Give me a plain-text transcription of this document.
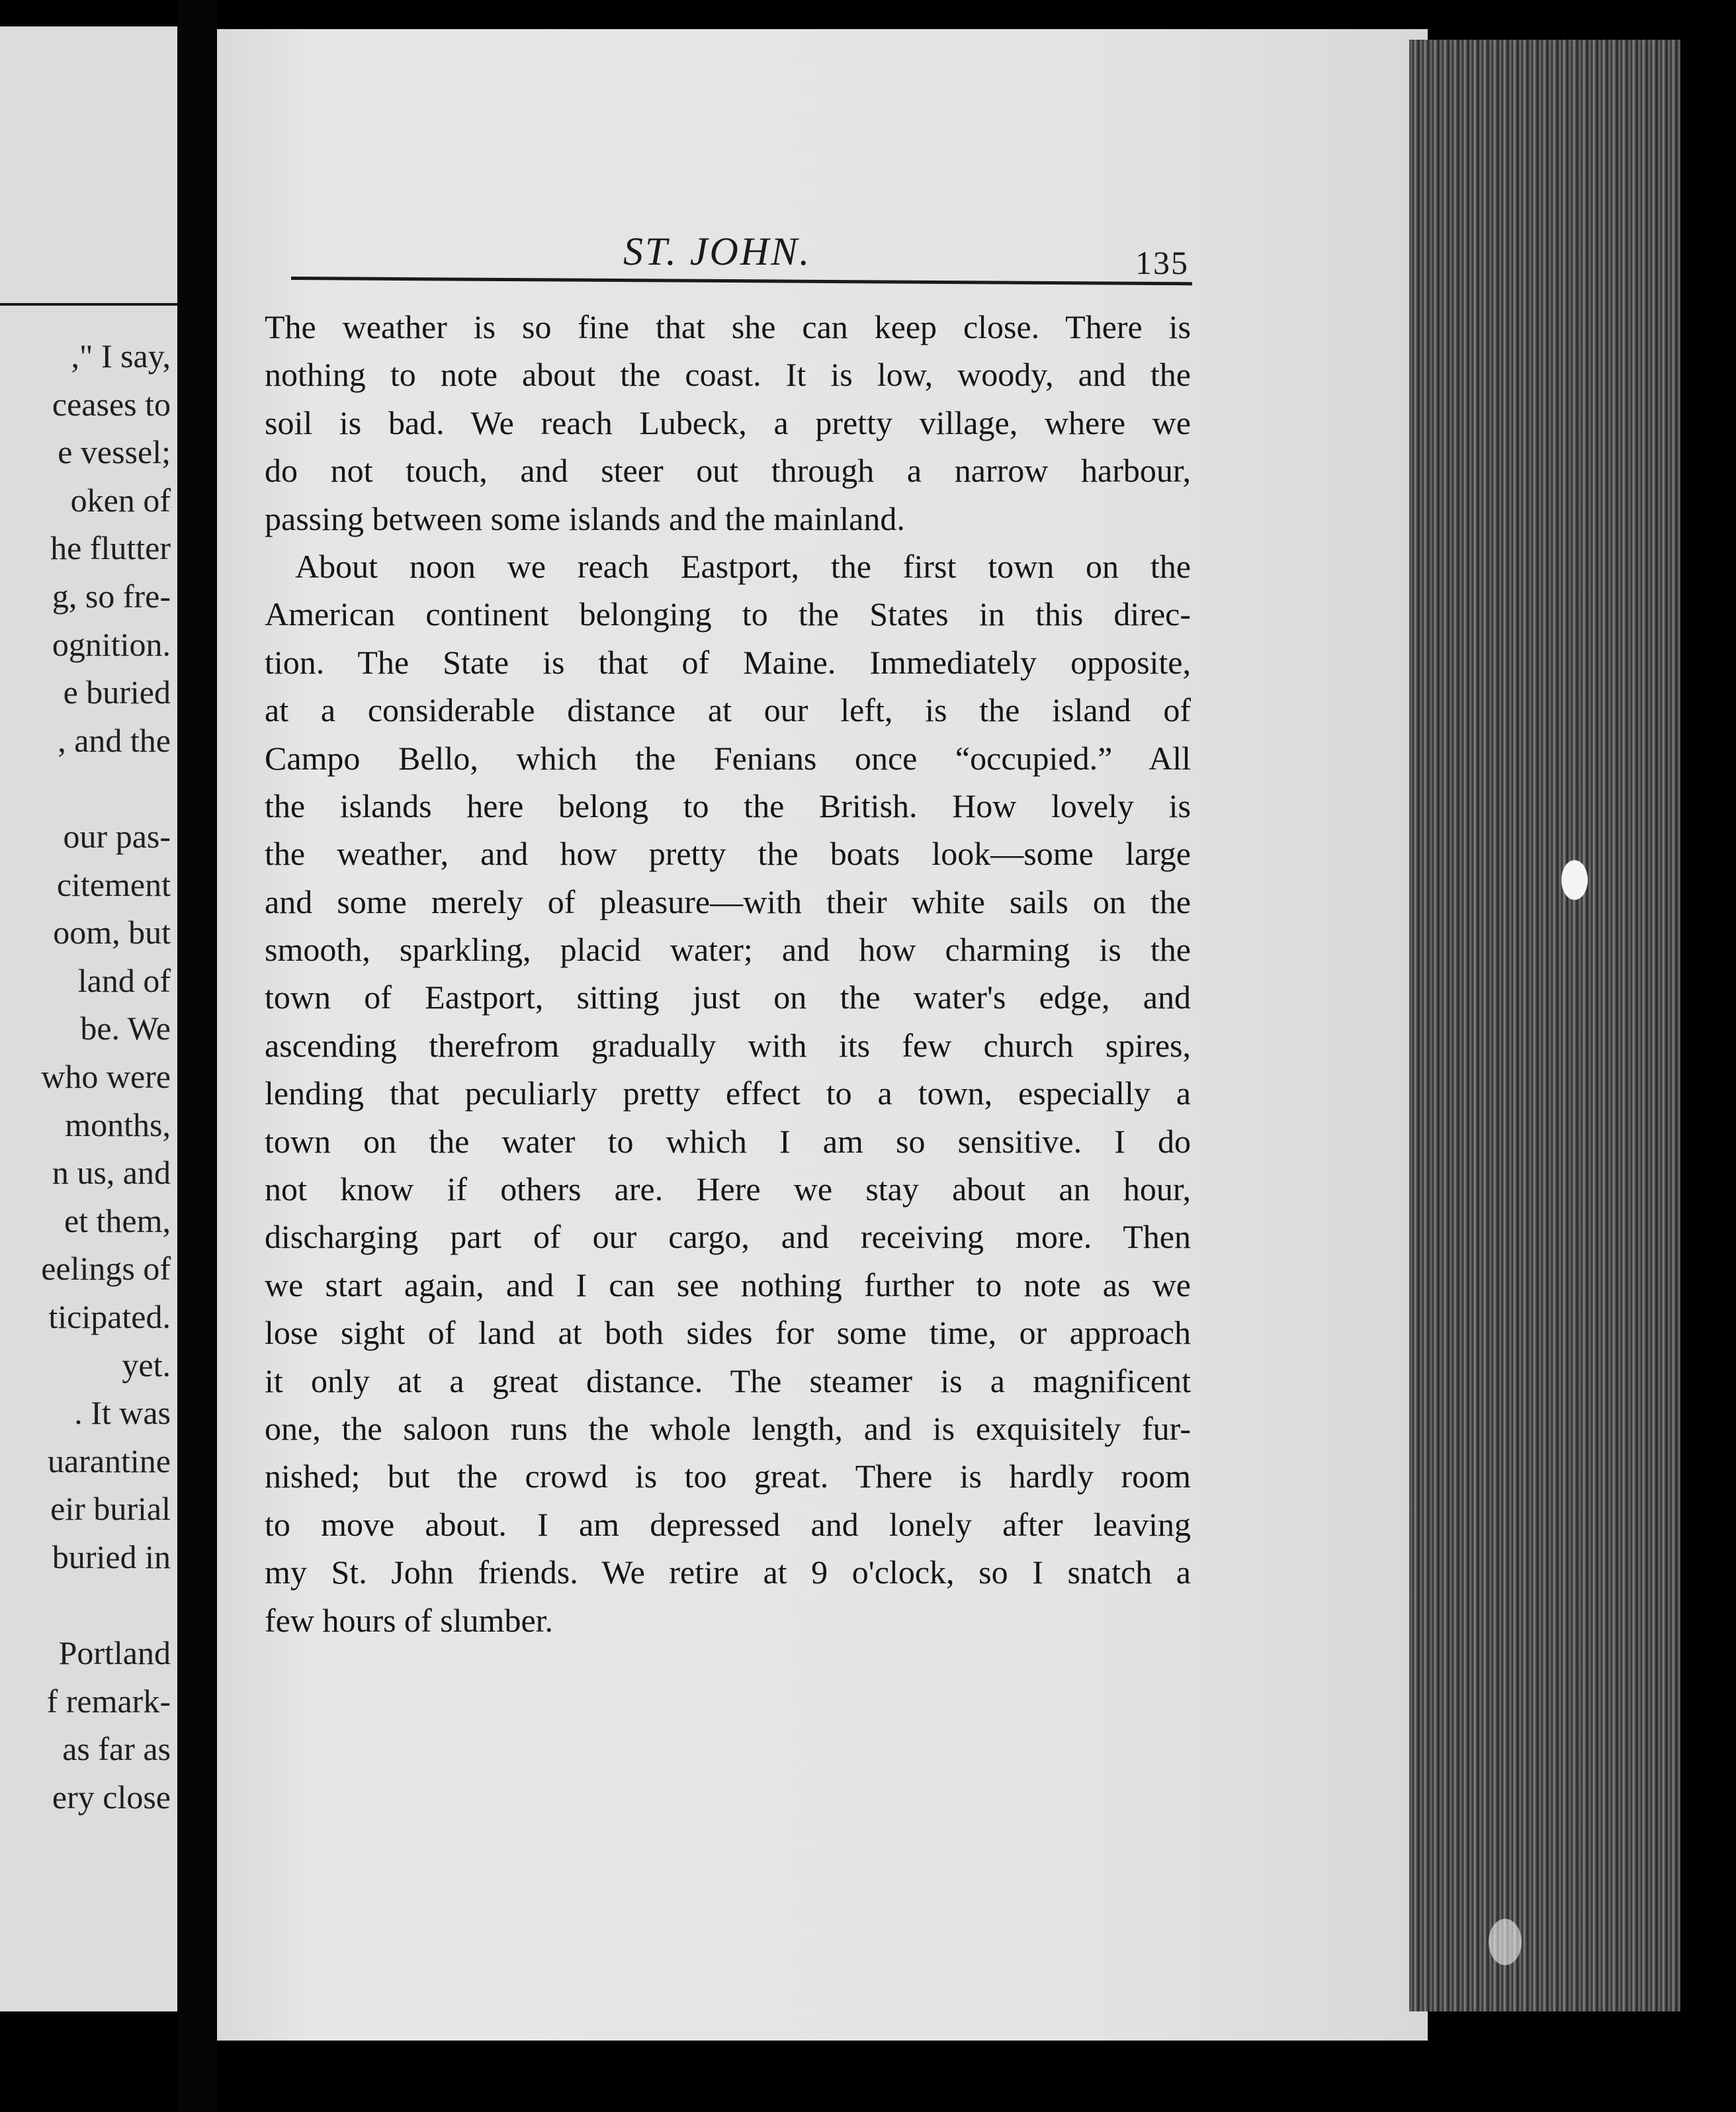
," I say,
ceases to
e vessel;
oken of
he flutter
g, so fre-
ognition.
e buried
, and the
our pas-
citement
oom, but
land of
be. We
who were
months,
n us, and
et them,
eelings of
ticipated.
yet.
. It was
uarantine
eir burial
buried in
Portland
f remark-
as far as
ery close
ST. JOHN.	135
The weather is so fine that she can keep close. There is
nothing to note about the coast. It is low, woody, and the
soil is bad. We reach Lubeck, a pretty village, where we
do not touch, and steer out through a narrow harbour,
passing between some islands and the mainland.
About noon we reach Eastport, the first town on the
American continent belonging to the States in this direc-
tion. The State is that of Maine. Immediately opposite,
at a considerable distance at our left, is the island of
Campo Bello, which the Fenians once “occupied.” All
the islands here belong to the British. How lovely is
the weather, and how pretty the boats look—some large
and some merely of pleasure—with their white sails on the
smooth, sparkling, placid water; and how charming is the
town of Eastport, sitting just on the water's edge, and
ascending therefrom gradually with its few church spires,
lending that peculiarly pretty effect to a town, especially a
town on the water to which I am so sensitive. I do
not know if others are. Here we stay about an hour,
discharging part of our cargo, and receiving more. Then
we start again, and I can see nothing further to note as we
lose sight of land at both sides for some time, or approach
it only at a great distance. The steamer is a magnificent
one, the saloon runs the whole length, and is exquisitely fur-
nished; but the crowd is too great. There is hardly room
to move about. I am depressed and lonely after leaving
my St. John friends. We retire at 9 o'clock, so I snatch a
few hours of slumber.
